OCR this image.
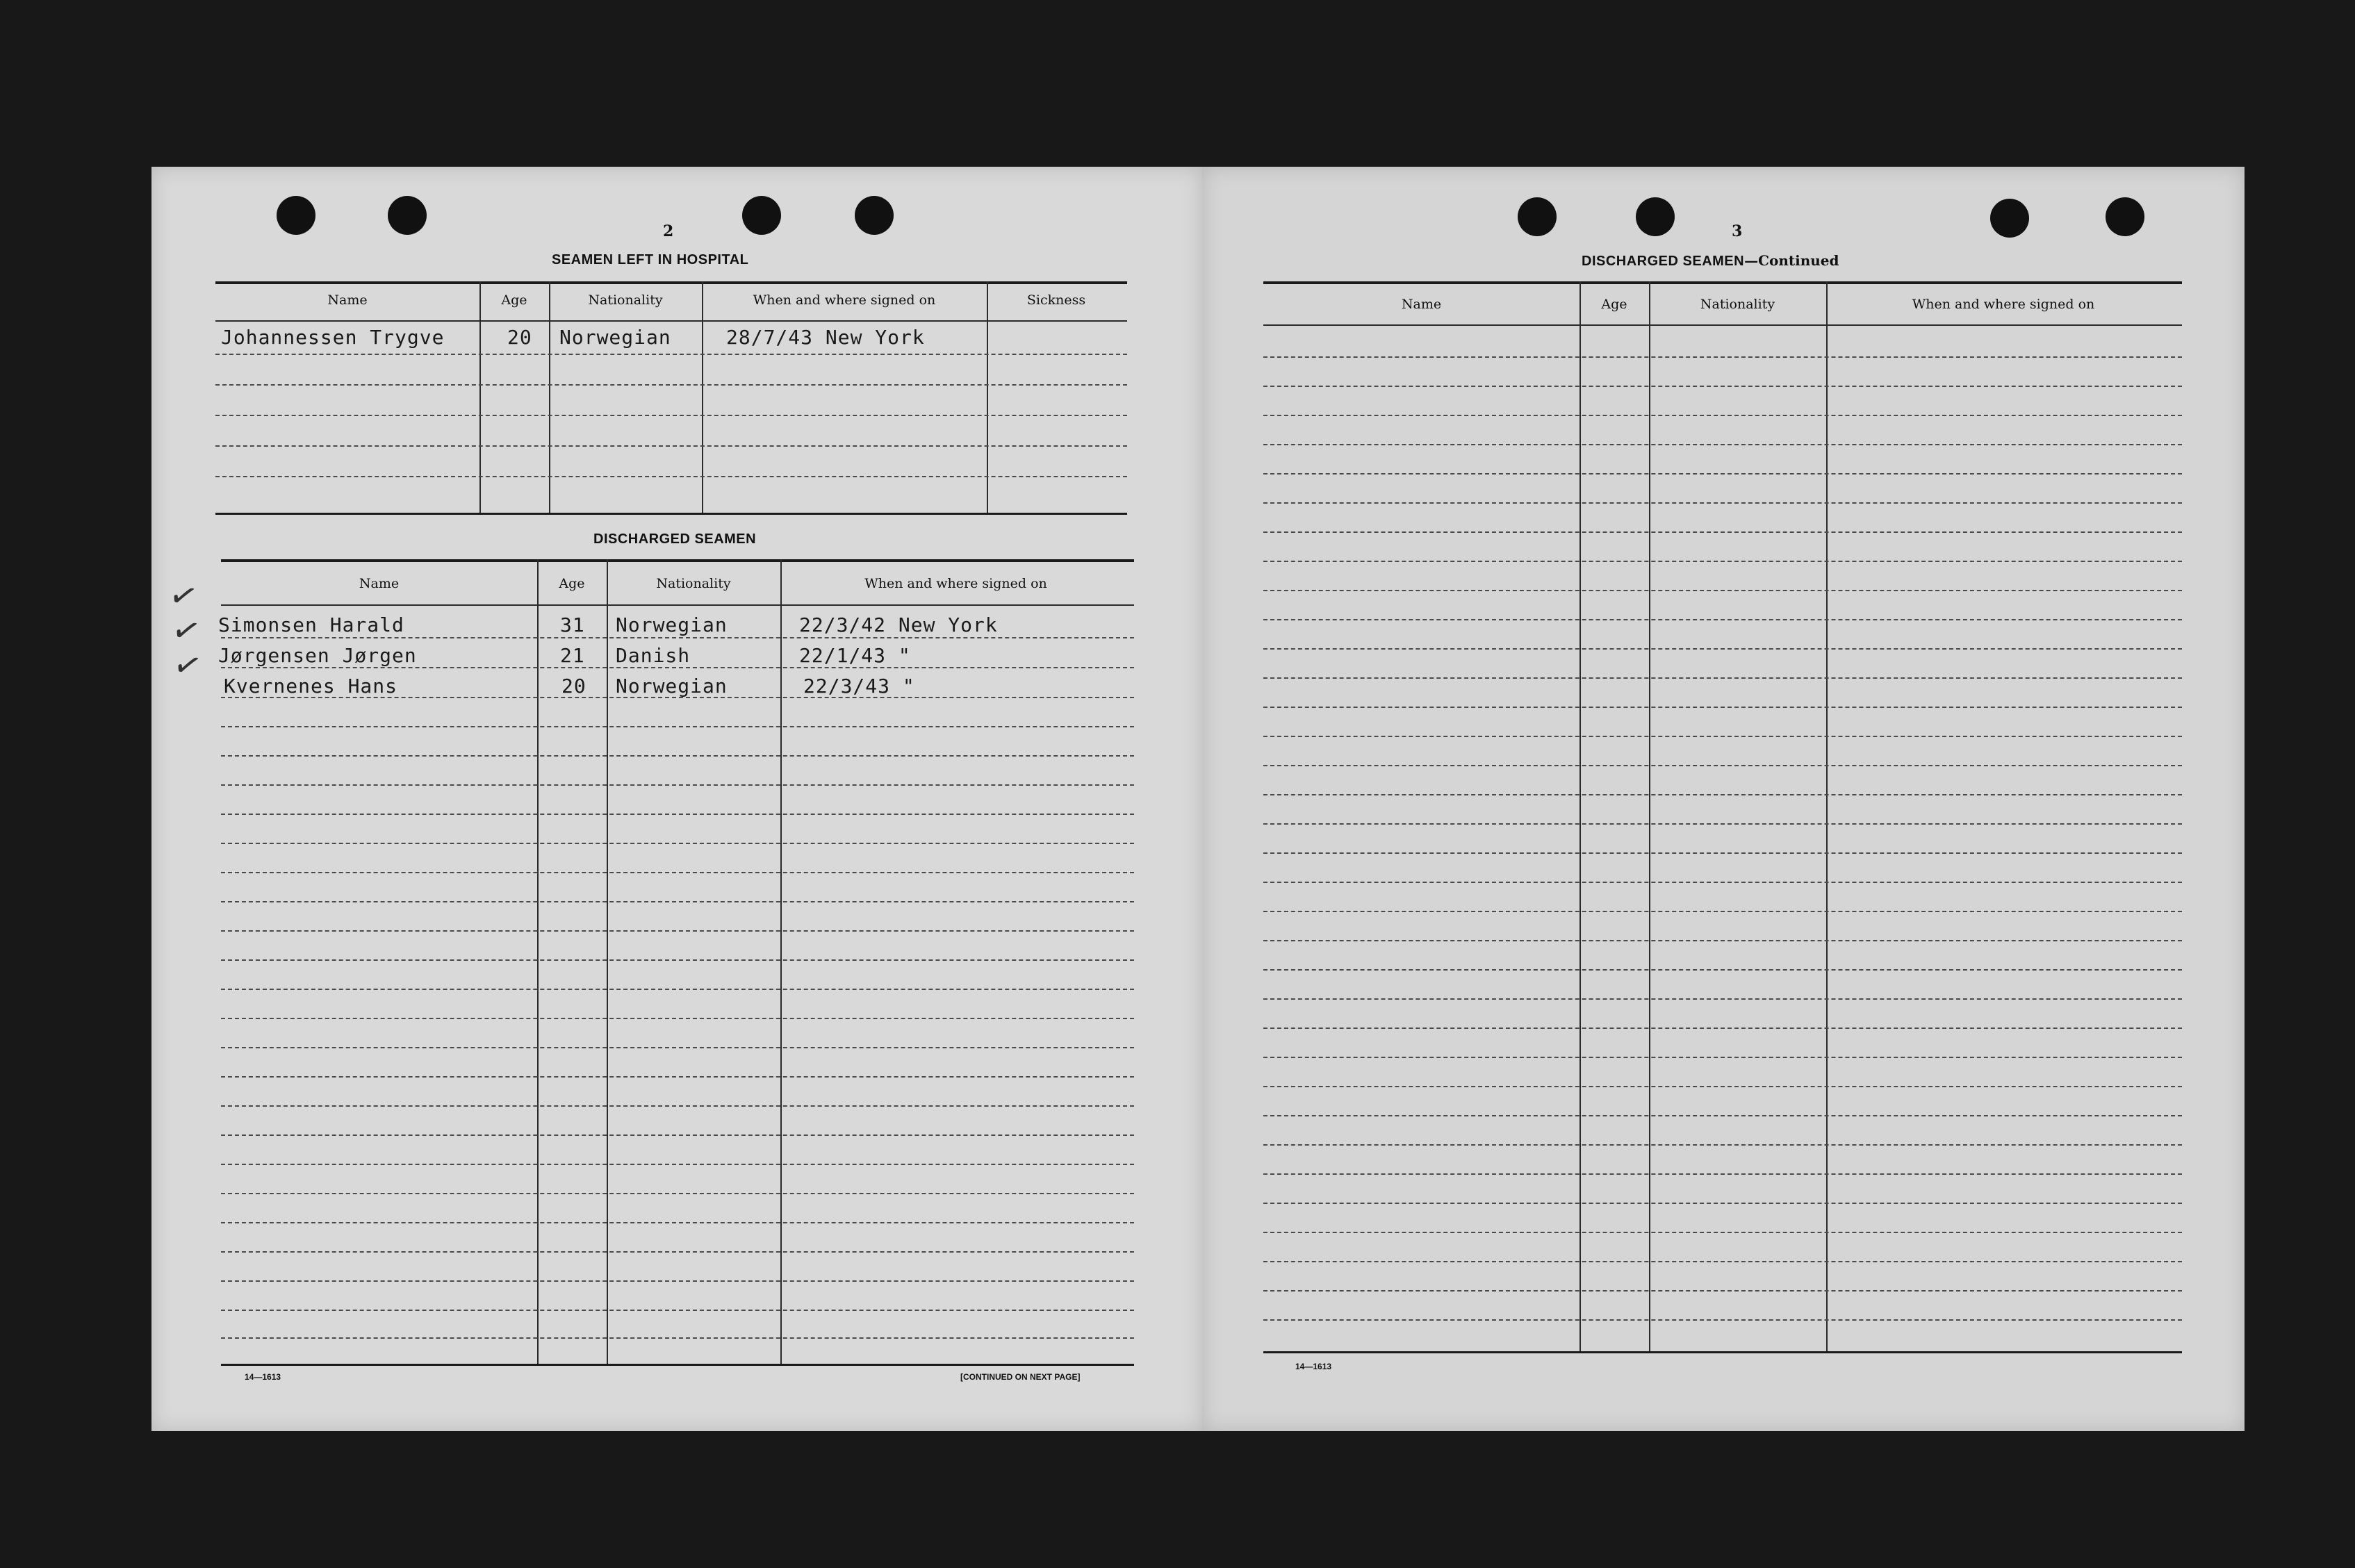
2
SEAMEN LEFT IN HOSPITAL
Name	Age	Nationality	When and where signed on	Sickness
Johannessen Trygve	20 Norwegian	28/7/43 New York
DISCHARGED SEAMEN
Name	Age	Nationality	When and where signed on
Simonsen Harald	31 Norwegian	22/3/42 New York
Jørgensen Jørgen	21 Danish	22/1/43 "
Kvernenes Hans	20 Norwegian	22/3/43 "
✓
✓
✓
14—1613	[CONTINUED ON NEXT PAGE]
3
DISCHARGED SEAMEN—Continued
Name	Age	Nationality	When and where signed on
14—1613
